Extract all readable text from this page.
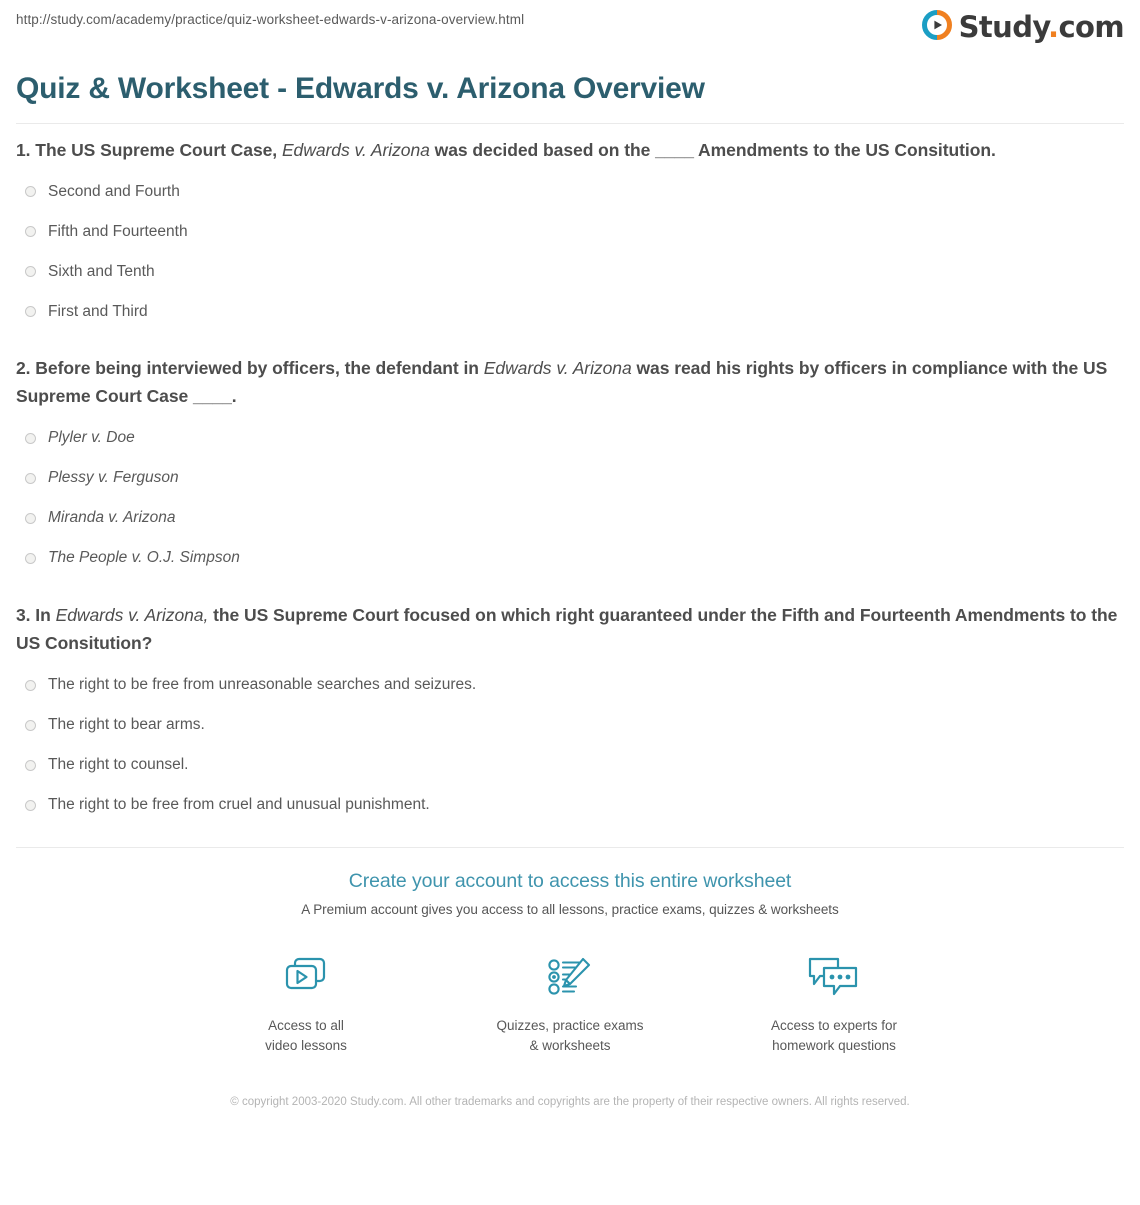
http://study.com/academy/practice/quiz-worksheet-edwards-v-arizona-overview.html	Study.com
Quiz & Worksheet - Edwards v. Arizona Overview

1. The US Supreme Court Case, Edwards v. Arizona was decided based on the ____ Amendments to the US Consitution.

Second and Fourth
Fifth and Fourteenth
Sixth and Tenth
First and Third

2. Before being interviewed by officers, the defendant in Edwards v. Arizona was read his rights by officers in compliance with the US Supreme Court Case ____.

Plyler v. Doe
Plessy v. Ferguson
Miranda v. Arizona
The People v. O.J. Simpson

3. In Edwards v. Arizona, the US Supreme Court focused on which right guaranteed under the Fifth and Fourteenth Amendments to the US Consitution?

The right to be free from unreasonable searches and seizures.
The right to bear arms.
The right to counsel.
The right to be free from cruel and unusual punishment.
Create your account to access this entire worksheet

A Premium account gives you access to all lessons, practice exams, quizzes & worksheets

Access to all
video lessons
Quizzes, practice exams
& worksheets
Access to experts for
homework questions

© copyright 2003-2020 Study.com. All other trademarks and copyrights are the property of their respective owners. All rights reserved.
